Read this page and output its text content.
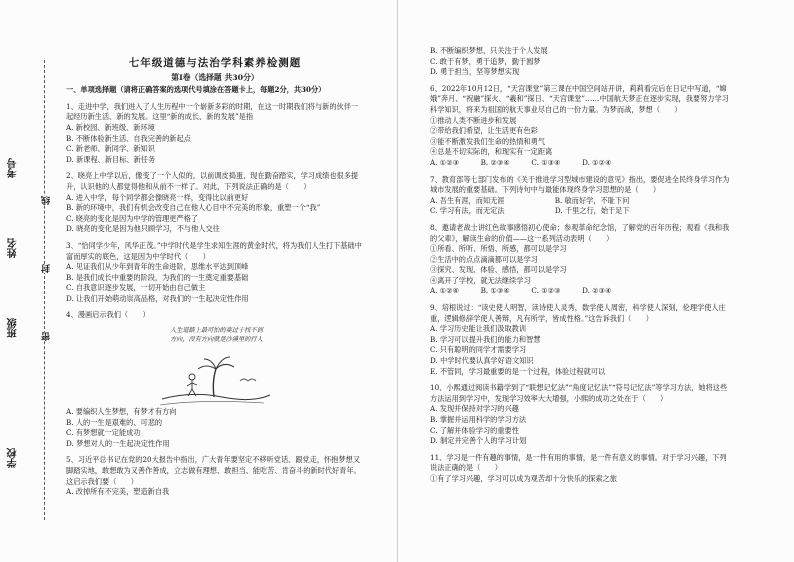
考号
姓名
班级
学校
线
封
密
七年级道德与法治学科素养检测题
第Ⅰ卷（选择题 共30分）
一、单项选择题（请将正确答案的选项代号填涂在答题卡上，每题2分，共30分）

1、走进中学，我们进入了人生历程中一个崭新多彩的时期，在这一时期我们将与新的伙伴一起经历新生活、新的发展。这里“新的成长、新的发展”是指

A. 新校园、新班级、新环境

B. 不断体验新生活、自我完善的新起点

C. 新老师、新同学、新知识

D. 新课程、新目标、新任务

2、晓亮上中学以后，像变了一个人似的，以前调皮捣蛋，现在勤奋踏实，学习成绩也很多提升，认识他的人都觉得他和从前不一样了。对此，下列说法正确的是（　　）

A. 进入中学，每个同学都会像晓亮一样，变得比以前更好

B. 新的环境中，我们有机会改变自己在他人心目中不完美的形象，重塑一个“我”

C. 晓亮的变化是因为中学的管理更严格了

D. 晓亮的变化是因为他只顾学习，不与他人交往

3、“恰同学少年，风华正茂。”中学时代是学生求知生涯的黄金时代，将为我们人生打下基础中富而厚实的底色，这是因为中学时代（　　）

A. 见证我们从少年到青年的生命进阶，思维水平达到顶峰

B. 是我们成长中重要的阶段，为我们的一生奠定重要基础

C. 自我意识逐步发展，一切开始由自己做主

D. 让我们开始萌动崇高品格，对我们的一生起决定性作用

4、漫画启示我们（　　）

人生道路上最可怕的莫过于找不到方向，没有方向就是沙漠里的行人

A. 要编织人生梦想，有梦才有方向

B. 人的一生是艰难的、可悲的

C. 有梦想就一定能成功

D. 梦想对人的一生起决定性作用

5、习近平总书记在党的20大报告中指出，广大青年要坚定不移听党话、跟党走，怀抱梦想又脚踏实地，敢想敢为又善作善成，立志做有理想、敢担当、能吃苦、肯奋斗的新时代好青年。这启示我们要（　　）

A. 改掉所有不完美，塑造新自我

B. 不断编织梦想，只关注于个人发展

C. 敢于有梦，勇于追梦，勤于圆梦

D. 勇于担当，坚等梦想实现

6、2022年10月12日，“天宫课堂”第三课在中国空间站开讲，莉莉看完后在日记中写道，“嫦娥”奔月、“祝融”探火、“羲和”探日、“天宫课堂”……中国航天梦正在逐步实现，我要努力学习科学知识，将来为祖国的航天事业尽自己的一份力量。为梦而战，梦想（　　）

①推动人类不断进步和发展

②带给我们希望，让生活更有色彩

③能不断激发我们生命的热情和勇气

④总是不切实际的，和现实有一定距离

A. ①②③　　　B. ②③④　　　C. ①③④　　　D. ①②④

7、教育部等七部门发布的《关于推进学习型城市建设的意见》指出，要促进全民终身学习作为城市发展的重要基础。下列诗句中与最能体现终身学习思想的是（　　）

A. 吾生有涯，而知无涯　　　　　　　B. 敏而好学，不耻下问

C. 学习有法，而无定法　　　　　　　D. 千里之行，始于足下

8、邀请老战士讲红色故事感悟初心使命；参观革命纪念馆，了解党的百年历程；观看《我和我的父辈》，解读生命的价值——这一系列活动表明（　　）

①所看、所听、所悟、所感，都可以是学习

②生活中的点点滴滴都可以是学习

③探究、发现、体验、感悟，都可以是学习

④离开了学校，就无法继续学习

A. ①②④　　　B. ①③④　　　C. ①②③　　　D. ②③④

9、培根说过：“读史使人明智，读诗使人灵秀，数学使人周密，科学使人深刻，伦理学使人庄重，逻辑修辞学使人善辩，凡有所学，皆成性格。”这告诉我们（　　）

A. 学习历史能让我们汲取教训

B. 学习可以提升我们的能力和智慧

C. 只有聪明的同学才需要学习

D. 中学时代要认真学好语文知识

E. 不管同，学习最重要的是一个过程，体验过程就可以

10、小熙通过阅读书籍学到了“联想记忆法”“角度记忆法”“符号记忆法”等学习方法，她将这些方法运用到学习中，发现学习效率大大增强，小熙的成功之处在于（　　）

A. 发现并保持对学习的兴趣

B. 掌握并运用科学的学习方法

C. 了解并体验学习的重要性

D. 制定并完善个人的学习计划

11、学习是一件有趣的事情，是一件有用的事情，是一件有意义的事情。对于学习兴趣，下列说法正确的是（　　）

①有了学习兴趣，学习可以成为观苦却十分快乐的探索之旅
